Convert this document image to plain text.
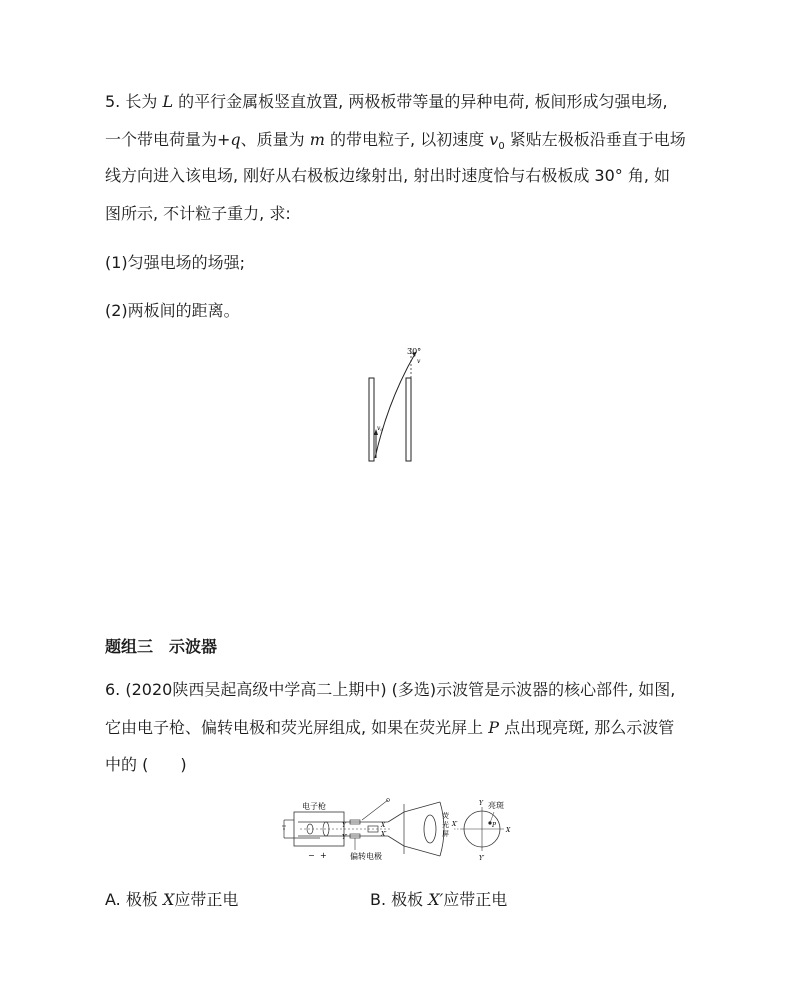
5. 长为 L 的平行金属板竖直放置, 两极板带等量的异种电荷, 板间形成匀强电场,
一个带电荷量为+q、质量为 m 的带电粒子, 以初速度 $v_0$ 紧贴左极板沿垂直于电场
线方向进入该电场, 刚好从右极板边缘射出, 射出时速度恰与右极板成 30° 角, 如
图所示, 不计粒子重力, 求:
(1)匀强电场的场强;
(2)两板间的距离。
30°
v
v0
题组三　示波器
6. (2020陕西吴起高级中学高二上期中) (多选)示波管是示波器的核心部件, 如图,
它由电子枪、偏转电极和荧光屏组成, 如果在荧光屏上 P 点出现亮斑, 那么示波管
中的 (　　)
电子枪
− +
Y
Y′
X
X′
偏转电极
荧
光
屏
亮斑
Y
Y′
X
X′	P
A. 极板 X应带正电	B. 极板 X′应带正电
